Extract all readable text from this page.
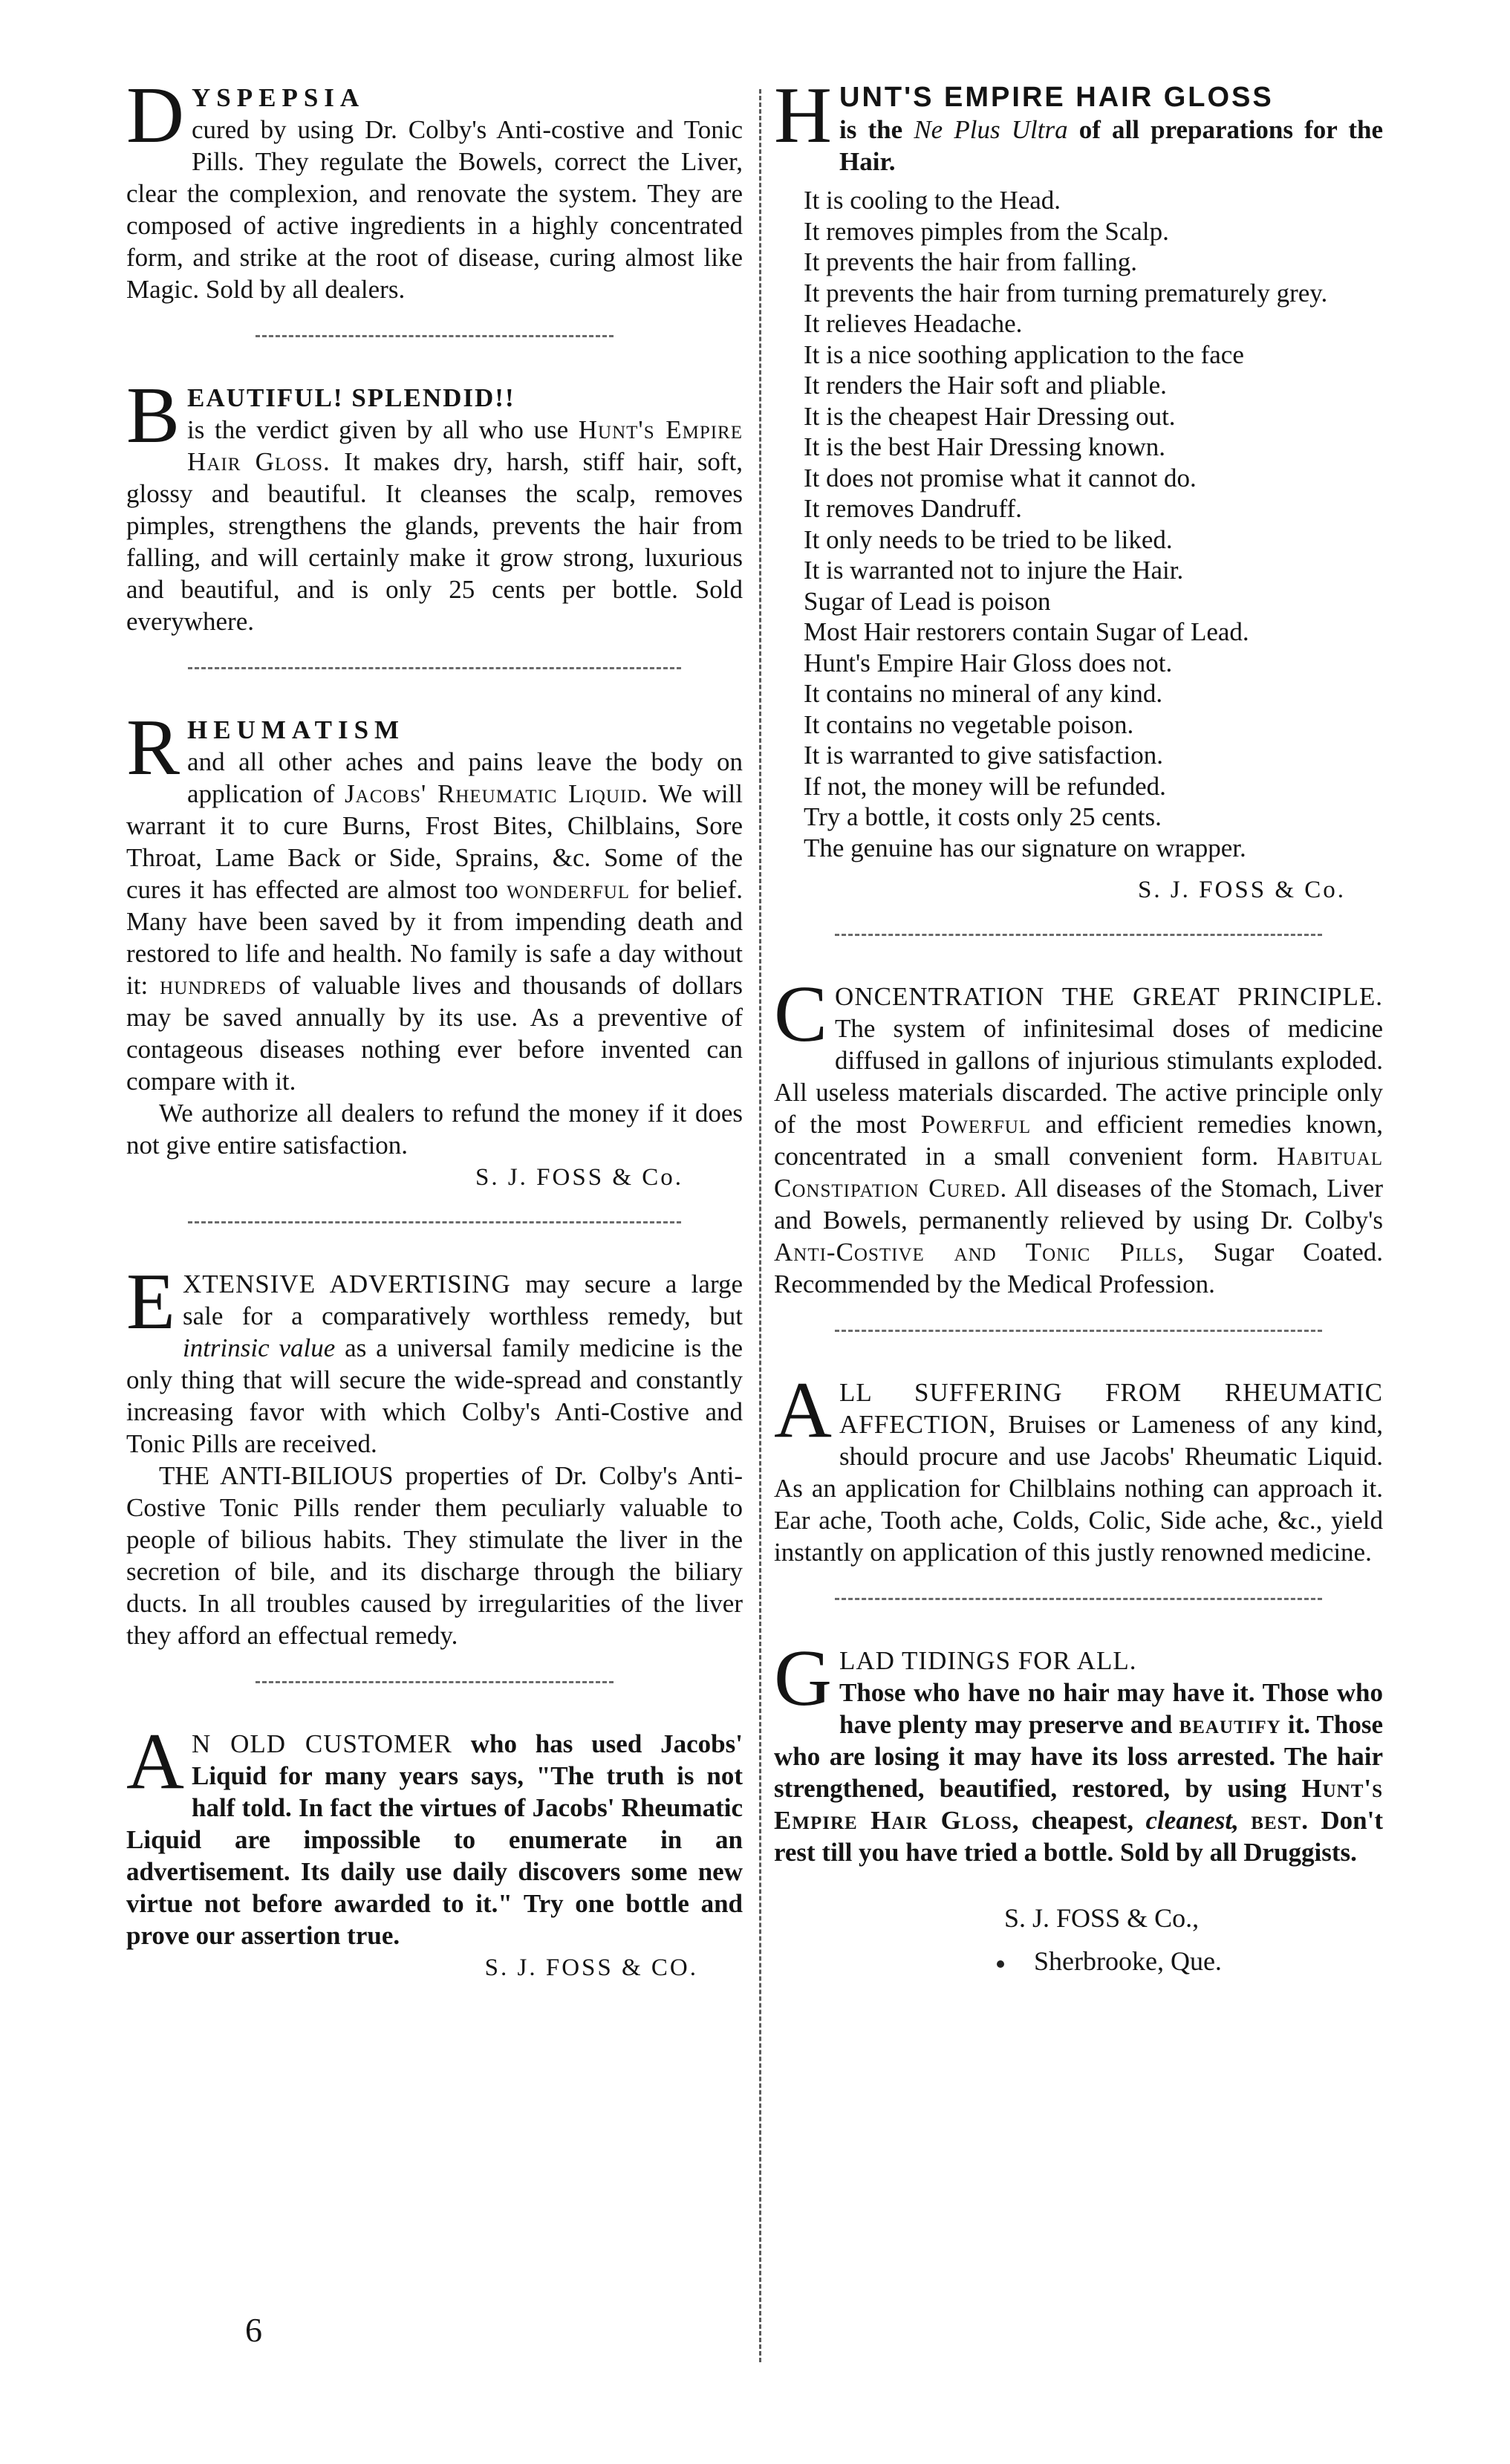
D YSPEPSIA
cured by using Dr. Colby's Anti-costive and Tonic Pills. They regulate the Bowels, correct the Liver, clear the complexion, and renovate the system. They are composed of active ingredients in a highly concentrated form, and strike at the root of disease, curing almost like Magic. Sold by all dealers.

B EAUTIFUL! SPLENDID!!
is the verdict given by all who use Hunt's Empire Hair Gloss. It makes dry, harsh, stiff hair, soft, glossy and beautiful. It cleanses the scalp, removes pimples, strengthens the glands, prevents the hair from falling, and will certainly make it grow strong, luxurious and beautiful, and is only 25 cents per bottle. Sold everywhere.

R HEUMATISM
and all other aches and pains leave the body on application of Jacobs' Rheumatic Liquid. We will warrant it to cure Burns, Frost Bites, Chilblains, Sore Throat, Lame Back or Side, Sprains, &c. Some of the cures it has effected are almost too wonderful for belief. Many have been saved by it from impending death and restored to life and health. No family is safe a day without it: hundreds of valuable lives and thousands of dollars may be saved annually by its use. As a preventive of contageous diseases nothing ever before invented can compare with it.

We authorize all dealers to refund the money if it does not give entire satisfaction.

S. J. FOSS & Co.
E XTENSIVE ADVERTISING may secure a large sale for a comparatively worthless remedy, but intrinsic value as a universal family medicine is the only thing that will secure the wide-spread and constantly increasing favor with which Colby's Anti-Costive and Tonic Pills are received.

THE ANTI-BILIOUS properties of Dr. Colby's Anti-Costive Tonic Pills render them peculiarly valuable to people of bilious habits. They stimulate the liver in the secretion of bile, and its discharge through the biliary ducts. In all troubles caused by irregularities of the liver they afford an effectual remedy.

A N OLD CUSTOMER who has used Jacobs' Liquid for many years says, "The truth is not half told. In fact the virtues of Jacobs' Rheumatic Liquid are impossible to enumerate in an advertisement. Its daily use daily discovers some new virtue not before awarded to it." Try one bottle and prove our assertion true.

S. J. FOSS & CO.
6
H UNT'S EMPIRE HAIR GLOSS
is the Ne Plus Ultra of all preparations for the Hair.

It is cooling to the Head.
It removes pimples from the Scalp.
It prevents the hair from falling.
It prevents the hair from turning prematurely grey.
It relieves Headache.
It is a nice soothing application to the face
It renders the Hair soft and pliable.
It is the cheapest Hair Dressing out.
It is the best Hair Dressing known.
It does not promise what it cannot do.
It removes Dandruff.
It only needs to be tried to be liked.
It is warranted not to injure the Hair.
Sugar of Lead is poison
Most Hair restorers contain Sugar of Lead.
Hunt's Empire Hair Gloss does not.
It contains no mineral of any kind.
It contains no vegetable poison.
It is warranted to give satisfaction.
If not, the money will be refunded.
Try a bottle, it costs only 25 cents.
The genuine has our signature on wrapper.
S. J. FOSS & Co.
C ONCENTRATION THE GREAT PRINCIPLE. The system of infinitesimal doses of medicine diffused in gallons of injurious stimulants exploded. All useless materials discarded. The active principle only of the most Powerful and efficient remedies known, concentrated in a small convenient form. Habitual Constipation Cured. All diseases of the Stomach, Liver and Bowels, permanently relieved by using Dr. Colby's Anti-Costive and Tonic Pills, Sugar Coated. Recommended by the Medical Profession.

A LL SUFFERING FROM RHEUMATIC AFFECTION, Bruises or Lameness of any kind, should procure and use Jacobs' Rheumatic Liquid. As an application for Chilblains nothing can approach it. Ear ache, Tooth ache, Colds, Colic, Side ache, &c., yield instantly on application of this justly renowned medicine.

G LAD TIDINGS FOR ALL.
Those who have no hair may have it. Those who have plenty may preserve and beautify it. Those who are losing it may have its loss arrested. The hair strengthened, beautified, restored, by using Hunt's Empire Hair Gloss, cheapest, cleanest, best. Don't rest till you have tried a bottle. Sold by all Druggists.

S. J. FOSS & Co.,
Sherbrooke, Que.
